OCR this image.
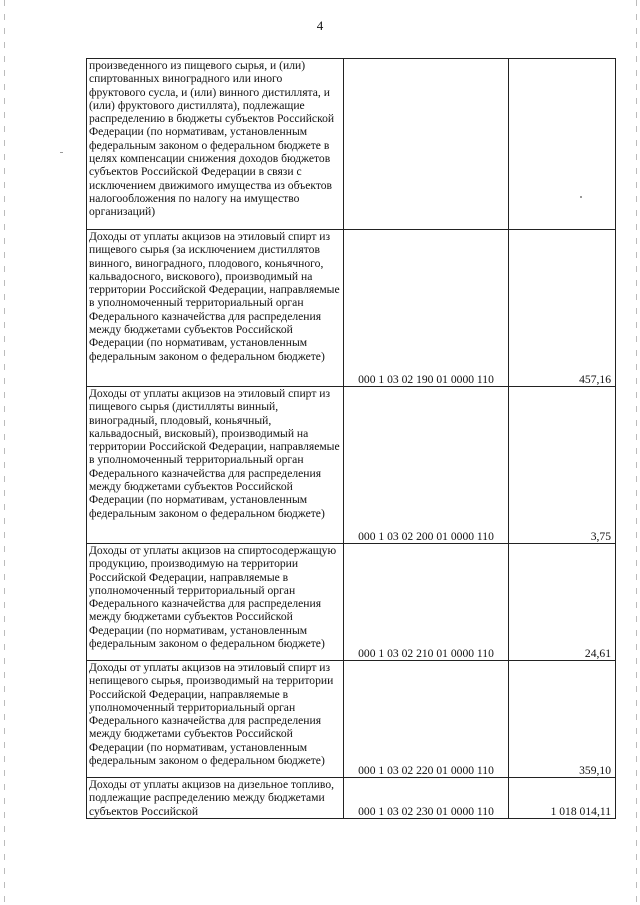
4
произведенного из пищевого сырья, и (или) спиртованных виноградного или иного фруктового сусла, и (или) винного дистиллята, и (или) фруктового дистиллята), подлежащие распределению в бюджеты субъектов Российской Федерации (по нормативам, установленным федеральным законом о федеральном бюджете в целях компенсации снижения доходов бюджетов субъектов Российской Федерации в связи с исключением движимого имущества из объектов налогообложения по налогу на имущество организаций)		
Доходы от уплаты акцизов на этиловый спирт из пищевого сырья (за исключением дистиллятов винного, виноградного, плодового, коньячного, кальвадосного, вискового), производимый на территории Российской Федерации, направляемые в уполномоченный территориальный орган Федерального казначейства для распределения между бюджетами субъектов Российской Федерации (по нормативам, установленным федеральным законом о федеральном бюджете)	000 1 03 02 190 01 0000 110	457,16
Доходы от уплаты акцизов на этиловый спирт из пищевого сырья (дистилляты винный, виноградный, плодовый, коньячный, кальвадосный, висковый), производимый на территории Российской Федерации, направляемые в уполномоченный территориальный орган Федерального казначейства для распределения между бюджетами субъектов Российской Федерации (по нормативам, установленным федеральным законом о федеральном бюджете)	000 1 03 02 200 01 0000 110	3,75
Доходы от уплаты акцизов на спиртосодержащую продукцию, производимую на территории Российской Федерации, направляемые в уполномоченный территориальный орган Федерального казначейства для распределения между бюджетами субъектов Российской Федерации (по нормативам, установленным федеральным законом о федеральном бюджете)	000 1 03 02 210 01 0000 110	24,61
Доходы от уплаты акцизов на этиловый спирт из непищевого сырья, производимый на территории Российской Федерации, направляемые в уполномоченный территориальный орган Федерального казначейства для распределения между бюджетами субъектов Российской Федерации (по нормативам, установленным федеральным законом о федеральном бюджете)	000 1 03 02 220 01 0000 110	359,10
Доходы от уплаты акцизов на дизельное топливо, подлежащие распределению между бюджетами субъектов Российской	000 1 03 02 230 01 0000 110	1 018 014,11
